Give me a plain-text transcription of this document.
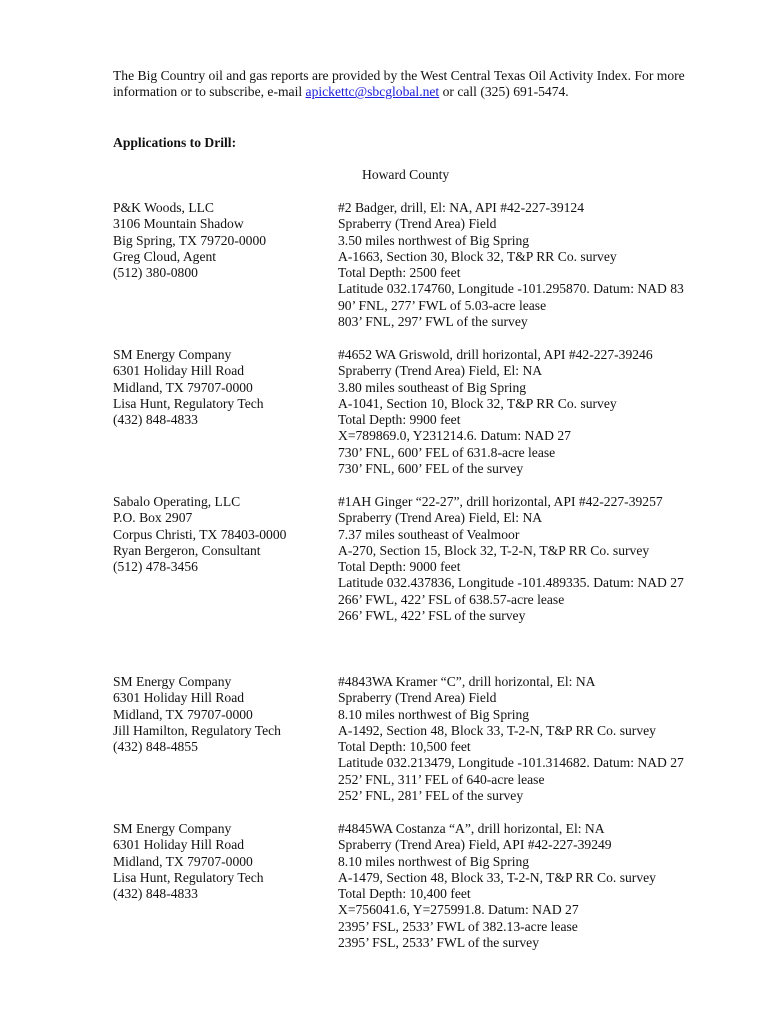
The Big Country oil and gas reports are provided by the West Central Texas Oil Activity Index. For more information or to subscribe, e-mail apickettc@sbcglobal.net or call (325) 691-5474.
Applications to Drill:
Howard County
P&K Woods, LLC
3106 Mountain Shadow
Big Spring, TX 79720-0000
Greg Cloud, Agent
(512) 380-0800
#2 Badger, drill, El: NA, API #42-227-39124
Spraberry (Trend Area) Field
3.50 miles northwest of Big Spring
A-1663, Section 30, Block 32, T&P RR Co. survey
Total Depth: 2500 feet
Latitude 032.174760, Longitude -101.295870. Datum: NAD 83
90’ FNL, 277’ FWL of 5.03-acre lease
803’ FNL, 297’ FWL of the survey
SM Energy Company
6301 Holiday Hill Road
Midland, TX 79707-0000
Lisa Hunt, Regulatory Tech
(432) 848-4833
#4652 WA Griswold, drill horizontal, API #42-227-39246
Spraberry (Trend Area) Field, El: NA
3.80 miles southeast of Big Spring
A-1041, Section 10, Block 32, T&P RR Co. survey
Total Depth: 9900 feet
X=789869.0, Y231214.6. Datum: NAD 27
730’ FNL, 600’ FEL of 631.8-acre lease
730’ FNL, 600’ FEL of the survey
Sabalo Operating, LLC
P.O. Box 2907
Corpus Christi, TX 78403-0000
Ryan Bergeron, Consultant
(512) 478-3456
#1AH Ginger “22-27”, drill horizontal, API #42-227-39257
Spraberry (Trend Area) Field, El: NA
7.37 miles southeast of Vealmoor
A-270, Section 15, Block 32, T-2-N, T&P RR Co. survey
Total Depth: 9000 feet
Latitude 032.437836, Longitude -101.489335. Datum: NAD 27
266’ FWL, 422’ FSL of 638.57-acre lease
266’ FWL, 422’ FSL of the survey
SM Energy Company
6301 Holiday Hill Road
Midland, TX 79707-0000
Jill Hamilton, Regulatory Tech
(432) 848-4855
#4843WA Kramer “C”, drill horizontal, El: NA
Spraberry (Trend Area) Field
8.10 miles northwest of Big Spring
A-1492, Section 48, Block 33, T-2-N, T&P RR Co. survey
Total Depth: 10,500 feet
Latitude 032.213479, Longitude -101.314682. Datum: NAD 27
252’ FNL, 311’ FEL of 640-acre lease
252’ FNL, 281’ FEL of the survey
SM Energy Company
6301 Holiday Hill Road
Midland, TX 79707-0000
Lisa Hunt, Regulatory Tech
(432) 848-4833
#4845WA Costanza “A”, drill horizontal, El: NA
Spraberry (Trend Area) Field, API #42-227-39249
8.10 miles northwest of Big Spring
A-1479, Section 48, Block 33, T-2-N, T&P RR Co. survey
Total Depth: 10,400 feet
X=756041.6, Y=275991.8. Datum: NAD 27
2395’ FSL, 2533’ FWL of 382.13-acre lease
2395’ FSL, 2533’ FWL of the survey
